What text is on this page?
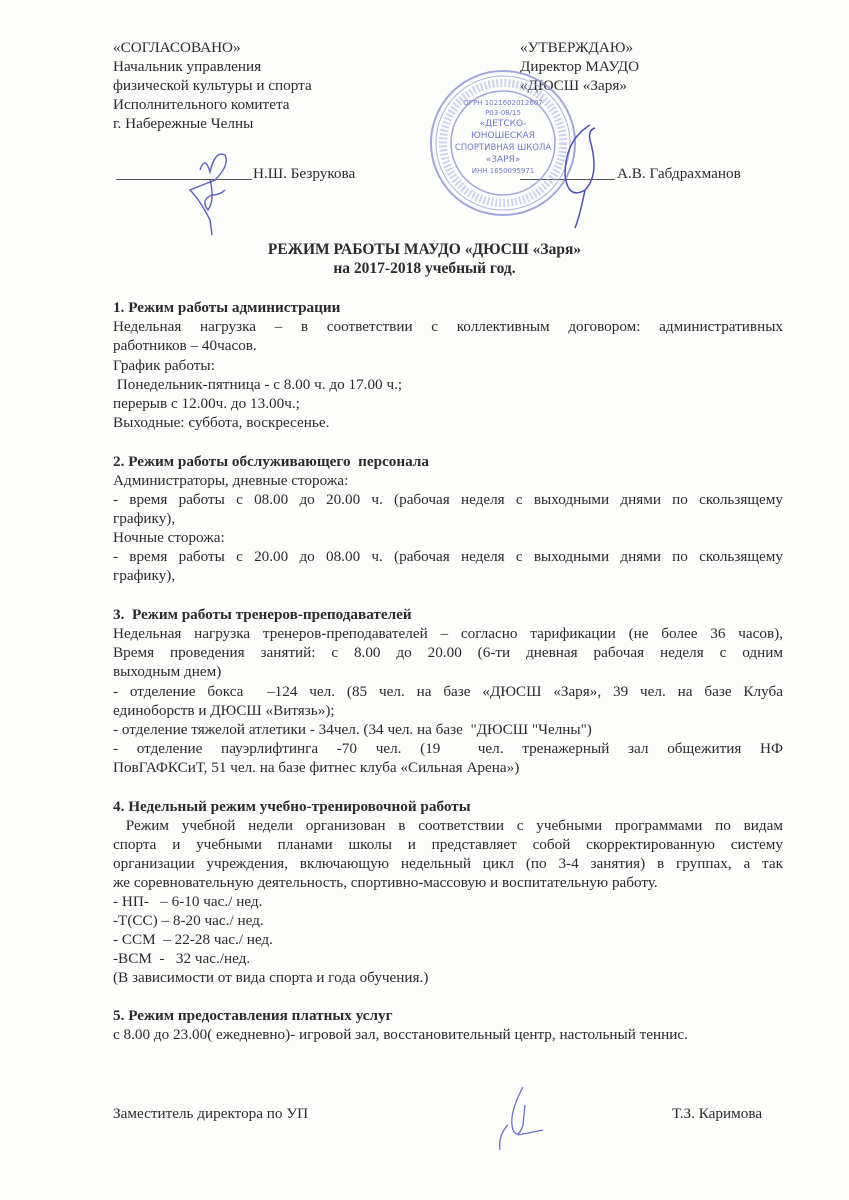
«СОГЛАСОВАНО»
Начальник управления
физической культуры и спорта
Исполнительного комитета
г. Набережные Челны
Н.Ш. Безрукова
«УТВЕРЖДАЮ»
Директор МАУДО
«ДЮСШ «Заря»
А.В. Габдрахманов
ОГРН 1021602012607
Р03-08/15
«ДЕТСКО-
ЮНОШЕСКАЯ
СПОРТИВНАЯ ШКОЛА
«ЗАРЯ»
ИНН 1650095971
РЕЖИМ РАБОТЫ МАУДО «ДЮСШ «Заря»
на 2017-2018 учебный год.
1. Режим работы администрации
Недельная нагрузка – в соответствии с коллективным договором: административных
работников – 40часов.
График работы:
Понедельник-пятница - с 8.00 ч. до 17.00 ч.;
перерыв с 12.00ч. до 13.00ч.;
Выходные: суббота, воскресенье.
2. Режим работы обслуживающего  персонала
Администраторы, дневные сторожа:
- время работы с 08.00 до 20.00 ч. (рабочая неделя с выходными днями по скользящему
графику),
Ночные сторожа:
- время работы с 20.00 до 08.00 ч. (рабочая неделя с выходными днями по скользящему
графику),
3.  Режим работы тренеров-преподавателей
Недельная нагрузка тренеров-преподавателей – согласно тарификации (не более 36 часов),
Время проведения занятий: с 8.00 до 20.00 (6-ти дневная рабочая неделя с одним
выходным днем)
- отделение бокса  –124 чел. (85 чел. на базе «ДЮСШ «Заря», 39 чел. на базе Клуба
единоборств и ДЮСШ «Витязь»);
- отделение тяжелой атлетики - 34чел. (34 чел. на базе  "ДЮСШ "Челны")
- отделение пауэрлифтинга -70 чел. (19  чел. тренажерный зал общежития НФ
ПовГАФКСиТ, 51 чел. на базе фитнес клуба «Сильная Арена»)
4. Недельный режим учебно-тренировочной работы
Режим учебной недели организован в соответствии с учебными программами по видам
спорта и учебными планами школы и представляет собой скорректированную систему
организации учреждения, включающую недельный цикл (по 3-4 занятия) в группах, а так
же соревновательную деятельность, спортивно-массовую и воспитательную работу.
- НП-   – 6-10 час./ нед.
-Т(СС) – 8-20 час./ нед.
- ССМ  – 22-28 час./ нед.
-ВСМ  -   32 час./нед.
(В зависимости от вида спорта и года обучения.)
5. Режим предоставления платных услуг
с 8.00 до 23.00( ежедневно)- игровой зал, восстановительный центр, настольный теннис.
Заместитель директора по УП	Т.З. Каримова
